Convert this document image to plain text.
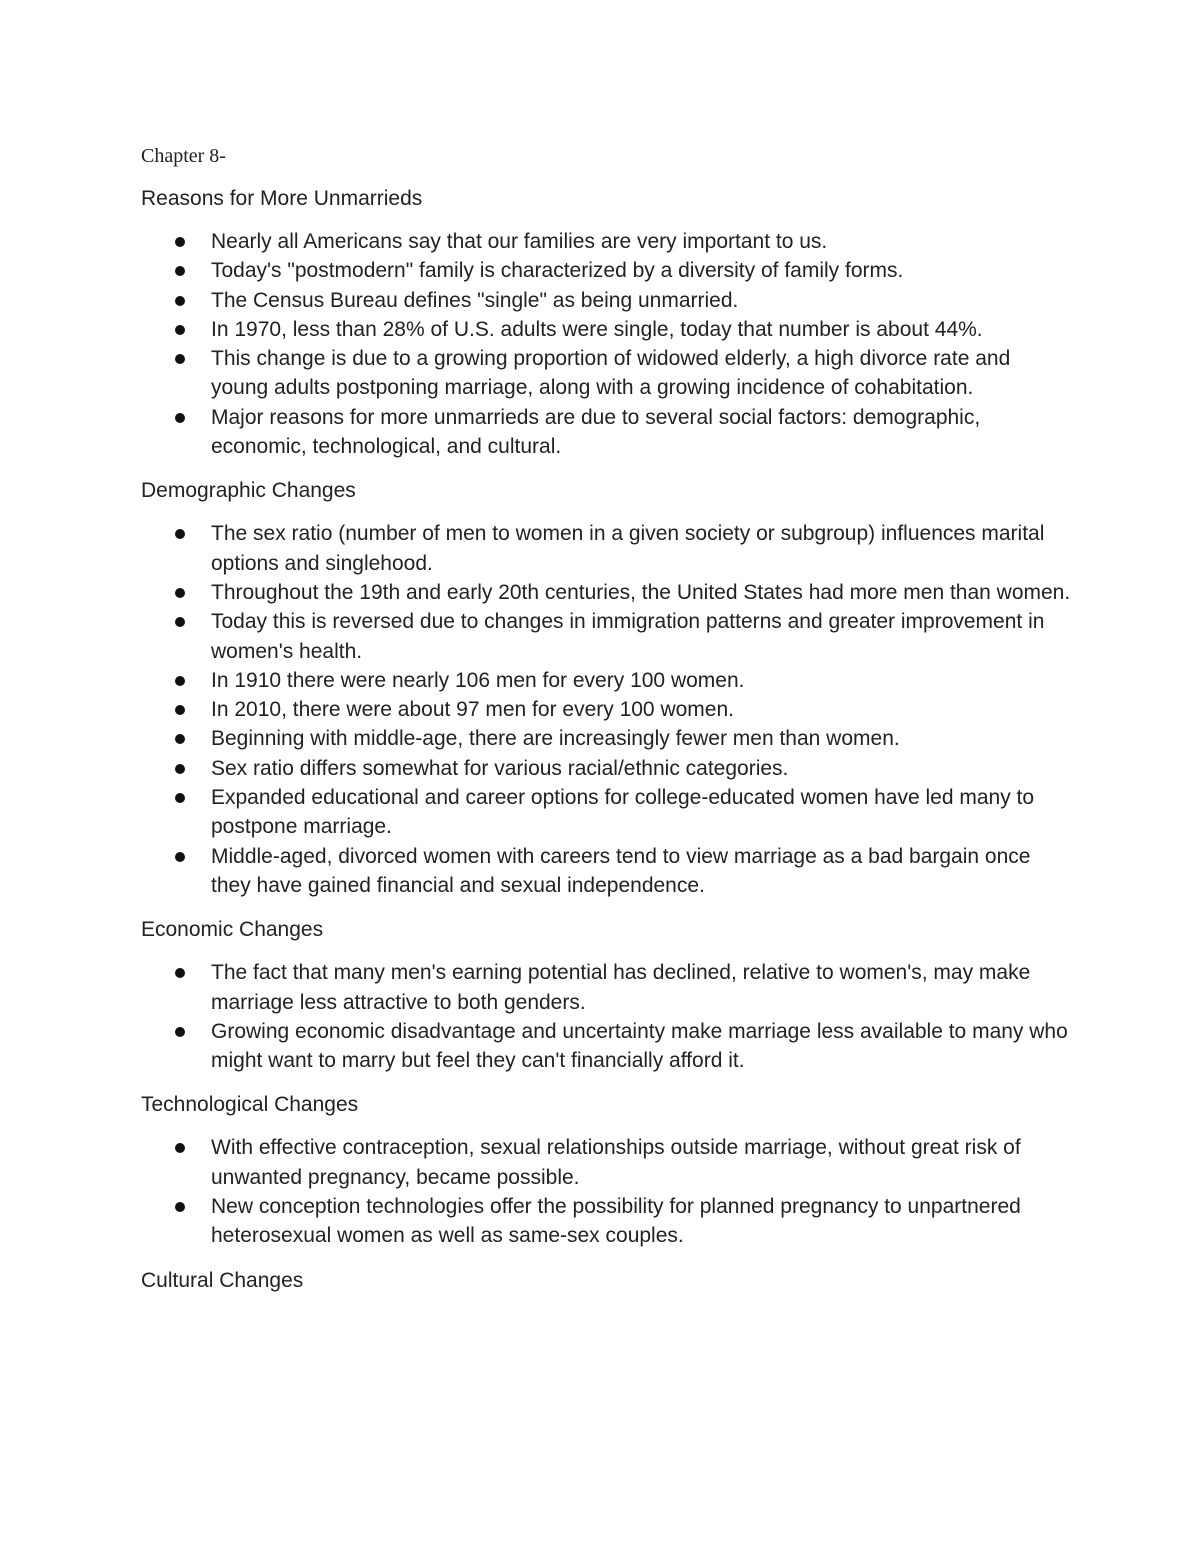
Chapter 8-
Reasons for More Unmarrieds
Nearly all Americans say that our families are very important to us.
Today's "postmodern" family is characterized by a diversity of family forms.
The Census Bureau defines "single" as being unmarried.
In 1970, less than 28% of U.S. adults were single, today that number is about 44%.
This change is due to a growing proportion of widowed elderly, a high divorce rate and young adults postponing marriage, along with a growing incidence of cohabitation.
Major reasons for more unmarrieds are due to several social factors: demographic, economic, technological, and cultural.
Demographic Changes
The sex ratio (number of men to women in a given society or subgroup) influences marital options and singlehood.
Throughout the 19th and early 20th centuries, the United States had more men than women.
Today this is reversed due to changes in immigration patterns and greater improvement in women's health.
In 1910 there were nearly 106 men for every 100 women.
In 2010, there were about 97 men for every 100 women.
Beginning with middle-age, there are increasingly fewer men than women.
Sex ratio differs somewhat for various racial/ethnic categories.
Expanded educational and career options for college-educated women have led many to postpone marriage.
Middle-aged, divorced women with careers tend to view marriage as a bad bargain once they have gained financial and sexual independence.
Economic Changes
The fact that many men's earning potential has declined, relative to women's, may make marriage less attractive to both genders.
Growing economic disadvantage and uncertainty make marriage less available to many who might want to marry but feel they can't financially afford it.
Technological Changes
With effective contraception, sexual relationships outside marriage, without great risk of unwanted pregnancy, became possible.
New conception technologies offer the possibility for planned pregnancy to unpartnered heterosexual women as well as same-sex couples.
Cultural Changes
